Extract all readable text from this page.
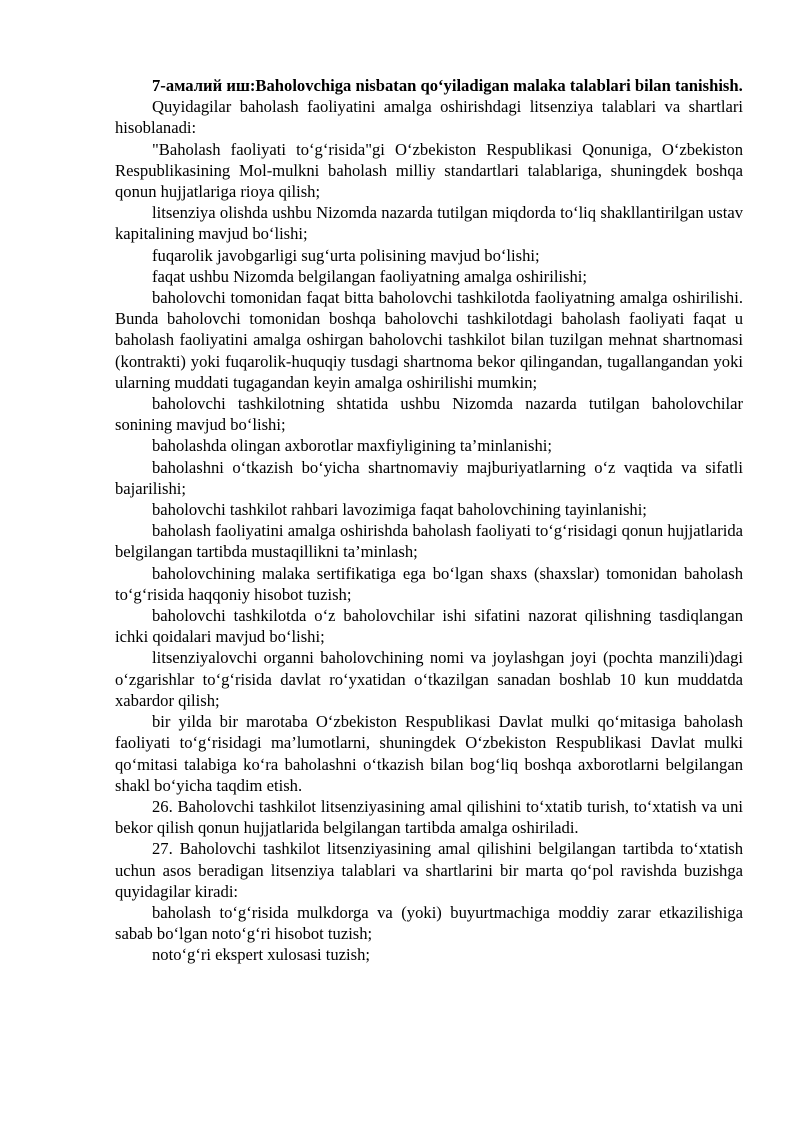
7-амалий иш:Baholovchiga nisbatan qo‘yiladigan malaka talablari bilan tanishish.

Quyidagilar baholash faoliyatini amalga oshirishdagi litsenziya talablari va shartlari hisoblanadi:

"Baholash faoliyati to‘g‘risida"gi O‘zbekiston Respublikasi Qonuniga, O‘zbekiston Respublikasining Mol-mulkni baholash milliy standartlari talablariga, shuningdek boshqa qonun hujjatlariga rioya qilish;

litsenziya olishda ushbu Nizomda nazarda tutilgan miqdorda to‘liq shakllantirilgan ustav kapitalining mavjud bo‘lishi;

fuqarolik javobgarligi sug‘urta polisining mavjud bo‘lishi;

faqat ushbu Nizomda belgilangan faoliyatning amalga oshirilishi;

baholovchi tomonidan faqat bitta baholovchi tashkilotda faoliyatning amalga oshirilishi. Bunda baholovchi tomonidan boshqa baholovchi tashkilotdagi baholash faoliyati faqat u baholash faoliyatini amalga oshirgan baholovchi tashkilot bilan tuzilgan mehnat shartnomasi (kontrakti) yoki fuqarolik-huquqiy tusdagi shartnoma bekor qilingandan, tugallangandan yoki ularning muddati tugagandan keyin amalga oshirilishi mumkin;

baholovchi tashkilotning shtatida ushbu Nizomda nazarda tutilgan baholovchilar sonining mavjud bo‘lishi;

baholashda olingan axborotlar maxfiyligining ta’minlanishi;

baholashni o‘tkazish bo‘yicha shartnomaviy majburiyatlarning o‘z vaqtida va sifatli bajarilishi;

baholovchi tashkilot rahbari lavozimiga faqat baholovchining tayinlanishi;

baholash faoliyatini amalga oshirishda baholash faoliyati to‘g‘risidagi qonun hujjatlarida belgilangan tartibda mustaqillikni ta’minlash;

baholovchining malaka sertifikatiga ega bo‘lgan shaxs (shaxslar) tomonidan baholash to‘g‘risida haqqoniy hisobot tuzish;

baholovchi tashkilotda o‘z baholovchilar ishi sifatini nazorat qilishning tasdiqlangan ichki qoidalari mavjud bo‘lishi;

litsenziyalovchi organni baholovchining nomi va joylashgan joyi (pochta manzili)dagi o‘zgarishlar to‘g‘risida davlat ro‘yxatidan o‘tkazilgan sanadan boshlab 10 kun muddatda xabardor qilish;

bir yilda bir marotaba O‘zbekiston Respublikasi Davlat mulki qo‘mitasiga baholash faoliyati to‘g‘risidagi ma’lumotlarni, shuningdek O‘zbekiston Respublikasi Davlat mulki qo‘mitasi talabiga ko‘ra baholashni o‘tkazish bilan bog‘liq boshqa axborotlarni belgilangan shakl bo‘yicha taqdim etish.

26. Baholovchi tashkilot litsenziyasining amal qilishini to‘xtatib turish, to‘xtatish va uni bekor qilish qonun hujjatlarida belgilangan tartibda amalga oshiriladi.

27. Baholovchi tashkilot litsenziyasining amal qilishini belgilangan tartibda to‘xtatish uchun asos beradigan litsenziya talablari va shartlarini bir marta qo‘pol ravishda buzishga quyidagilar kiradi:

baholash to‘g‘risida mulkdorga va (yoki) buyurtmachiga moddiy zarar etkazilishiga sabab bo‘lgan noto‘g‘ri hisobot tuzish;

noto‘g‘ri ekspert xulosasi tuzish;
